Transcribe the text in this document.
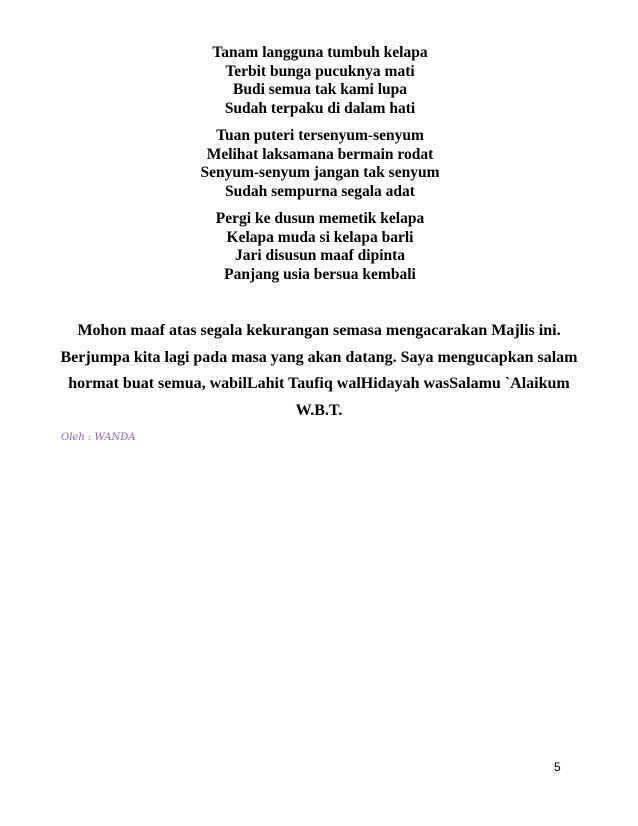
Tanam langguna tumbuh kelapa
Terbit bunga pucuknya mati
Budi semua tak kami lupa
Sudah terpaku di dalam hati
Tuan puteri tersenyum-senyum
Melihat laksamana bermain rodat
Senyum-senyum jangan tak senyum
Sudah sempurna segala adat
Pergi ke dusun memetik kelapa
Kelapa muda si kelapa barli
Jari disusun maaf dipinta
Panjang usia bersua kembali
Mohon maaf atas segala kekurangan semasa mengacarakan Majlis ini.
Berjumpa kita lagi pada masa yang akan datang. Saya mengucapkan salam
hormat buat semua, wabilLahit Taufiq walHidayah wasSalamu `Alaikum
W.B.T.
Oleh : WANDA
5
